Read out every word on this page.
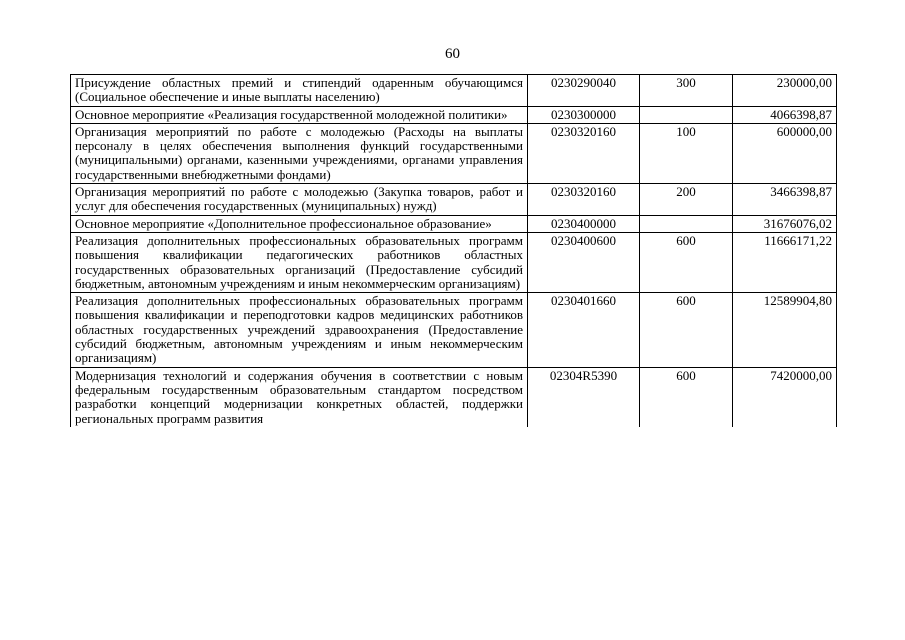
60
Присуждение областных премий и стипендий одаренным обучающимся (Социальное обеспечение и иные выплаты населению)	0230290040	300	230000,00
Основное мероприятие «Реализация государственной молодежной политики»	0230300000		4066398,87
Организация мероприятий по работе с молодежью (Расходы на выплаты персоналу в целях обеспечения выполнения функций государственными (муниципальными) органами, казенными учреждениями, органами управления государственными внебюджетными фондами)	0230320160	100	600000,00
Организация мероприятий по работе с молодежью (Закупка товаров, работ и услуг для обеспечения государственных (муниципальных) нужд)	0230320160	200	3466398,87
Основное мероприятие «Дополнительное профессиональное образование»	0230400000		31676076,02
Реализация дополнительных профессиональных образовательных программ повышения квалификации педагогических работников областных государственных образовательных организаций (Предоставление субсидий бюджетным, автономным учреждениям и иным некоммерческим организациям)	0230400600	600	11666171,22
Реализация дополнительных профессиональных образовательных программ повышения квалификации и переподготовки кадров медицинских работников областных государственных учреждений здравоохранения (Предоставление субсидий бюджетным, автономным учреждениям и иным некоммерческим организациям)	0230401660	600	12589904,80
Модернизация технологий и содержания обучения в соответствии с новым федеральным государственным образовательным стандартом посредством разработки концепций модернизации конкретных областей, поддержки региональных программ развития	02304R5390	600	7420000,00
